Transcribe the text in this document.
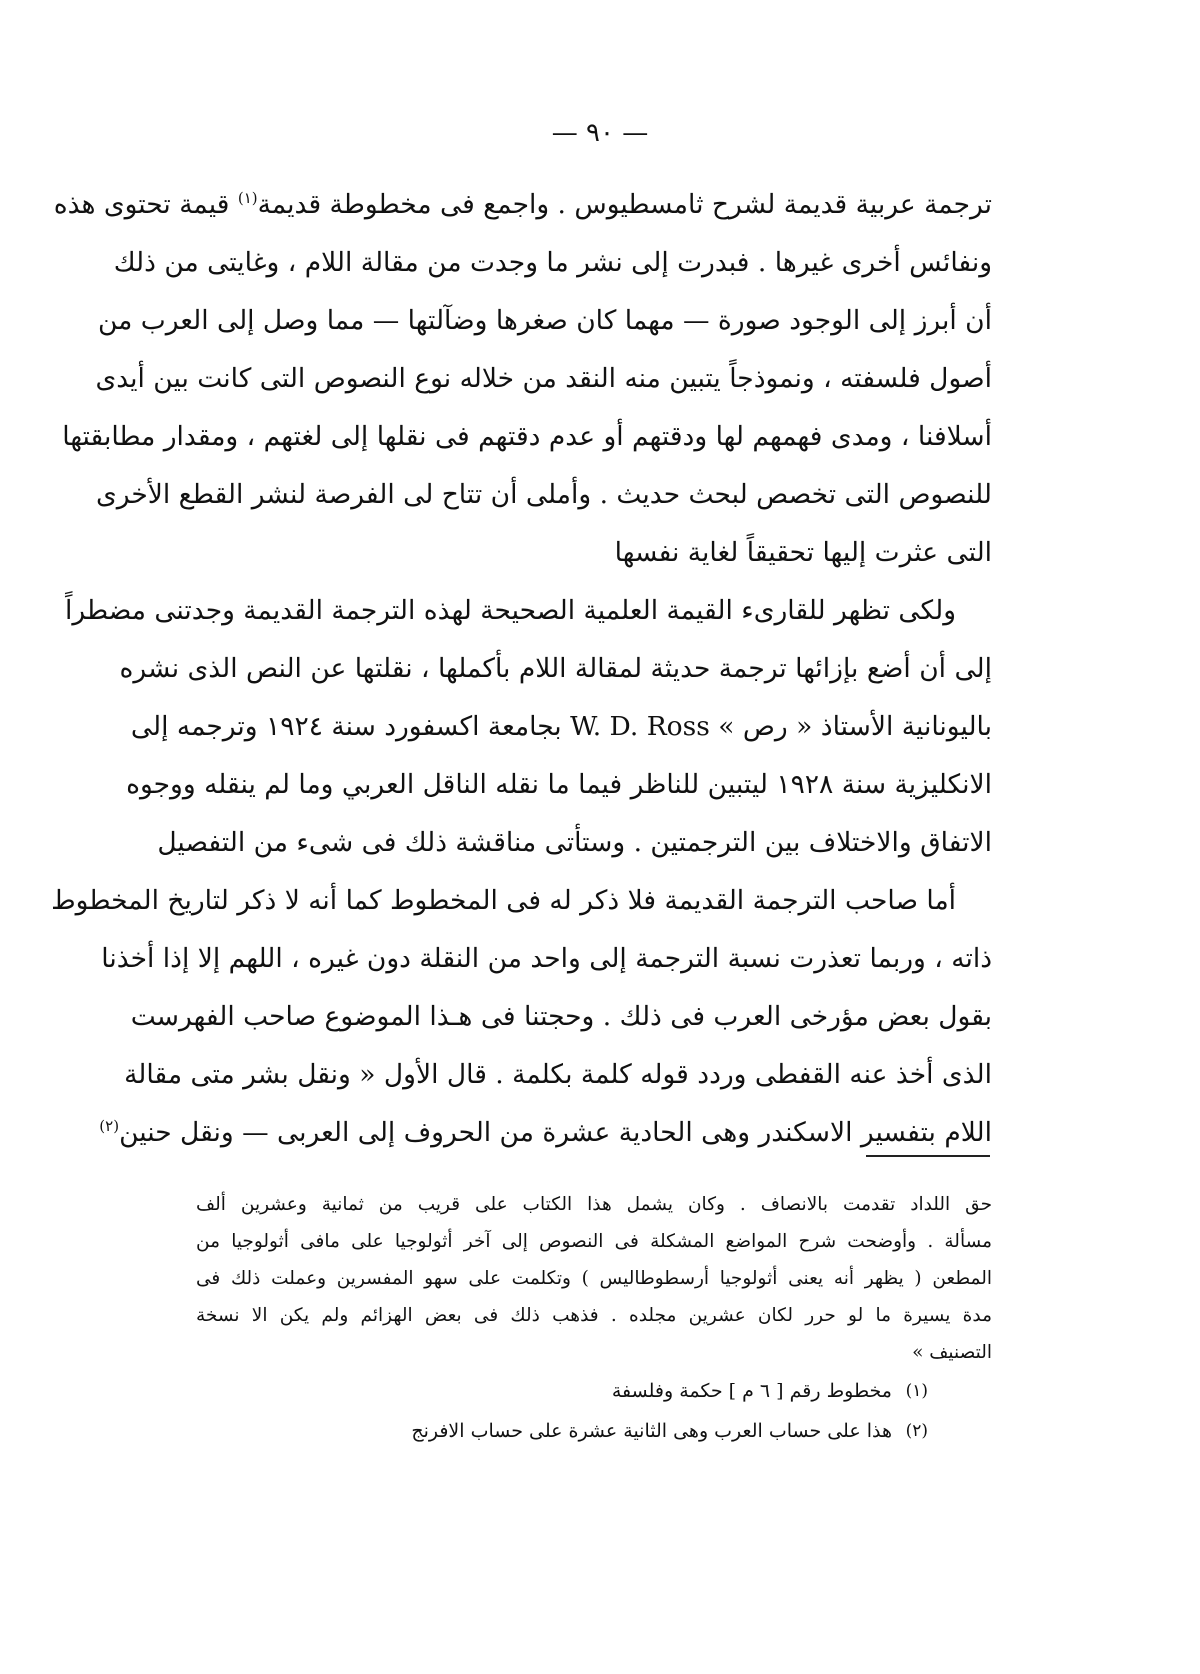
— ٩٠ —
ترجمة عربية قديمة لشرح ثامسطيوس . واجمع فى مخطوطة قديمة$^{(١)}$ قيمة تحتوى هذه
ونفائس أخرى غيرها . فبدرت إلى نشر ما وجدت من مقالة اللام ، وغايتى من ذلك
أن أبرز إلى الوجود صورة — مهما كان صغرها وضآلتها — مما وصل إلى العرب من
أصول فلسفته ، ونموذجاً يتبين منه النقد من خلاله نوع النصوص التى كانت بين أيدى
أسلافنا ، ومدى فهمهم لها ودقتهم أو عدم دقتهم فى نقلها إلى لغتهم ، ومقدار مطابقتها
للنصوص التى تخصص لبحث حديث . وأملى أن تتاح لى الفرصة لنشر القطع الأخرى
التى عثرت إليها تحقيقاً لغاية نفسها
ولكى تظهر للقارىء القيمة العلمية الصحيحة لهذه الترجمة القديمة وجدتنى مضطراً
إلى أن أضع بإزائها ترجمة حديثة لمقالة اللام بأكملها ، نقلتها عن النص الذى نشره
باليونانية الأستاذ « رص » W. D. Ross بجامعة اكسفورد سنة ١٩٢٤ وترجمه إلى
الانكليزية سنة ١٩٢٨ ليتبين للناظر فيما ما نقله الناقل العربي وما لم ينقله ووجوه
الاتفاق والاختلاف بين الترجمتين . وستأتى مناقشة ذلك فى شىء من التفصيل
أما صاحب الترجمة القديمة فلا ذكر له فى المخطوط كما أنه لا ذكر لتاريخ المخطوط
ذاته ، وربما تعذرت نسبة الترجمة إلى واحد من النقلة دون غيره ، اللهم إلا إذا أخذنا
بقول بعض مؤرخى العرب فى ذلك . وحجتنا فى هـذا الموضوع صاحب الفهرست
الذى أخذ عنه القفطى وردد قوله كلمة بكلمة . قال الأول « ونقل بشر متى مقالة
اللام بتفسير الاسكندر وهى الحادية عشرة من الحروف إلى العربى — ونقل حنين$^{(٢)}$
حق اللداد تقدمت بالانصاف . وكان يشمل هذا الكتاب على قريب من ثمانية وعشرين ألف
مسألة . وأوضحت شرح المواضع المشكلة فى النصوص إلى آخر أثولوجيا على مافى أثولوجيا من
المطعن ( يظهر أنه يعنى أثولوجيا أرسطوطاليس ) وتكلمت على سهو المفسرين وعملت ذلك فى
مدة يسيرة ما لو حرر لكان عشرين مجلده . فذهب ذلك فى بعض الهزائم ولم يكن الا نسخة
التصنيف »
(١)مخطوط رقم [ ٦ م ] حكمة وفلسفة
(٢)هذا على حساب العرب وهى الثانية عشرة على حساب الافرنج
